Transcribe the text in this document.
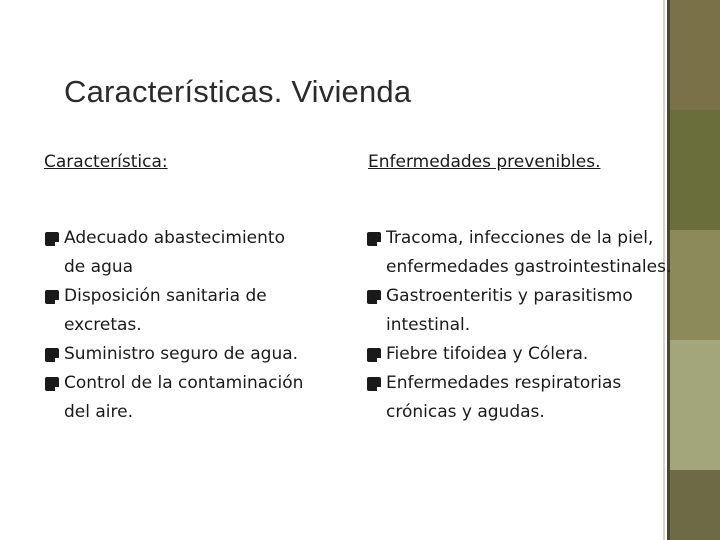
Características. Vivienda
Característica:	Enfermedades prevenibles.
Adecuado abastecimiento
de agua
Disposición sanitaria de
excretas.
Suministro seguro de agua.
Control de la contaminación
del aire.
Tracoma, infecciones de la piel,
enfermedades gastrointestinales.
Gastroenteritis y parasitismo
intestinal.
Fiebre tifoidea y Cólera.
Enfermedades respiratorias
crónicas y agudas.
